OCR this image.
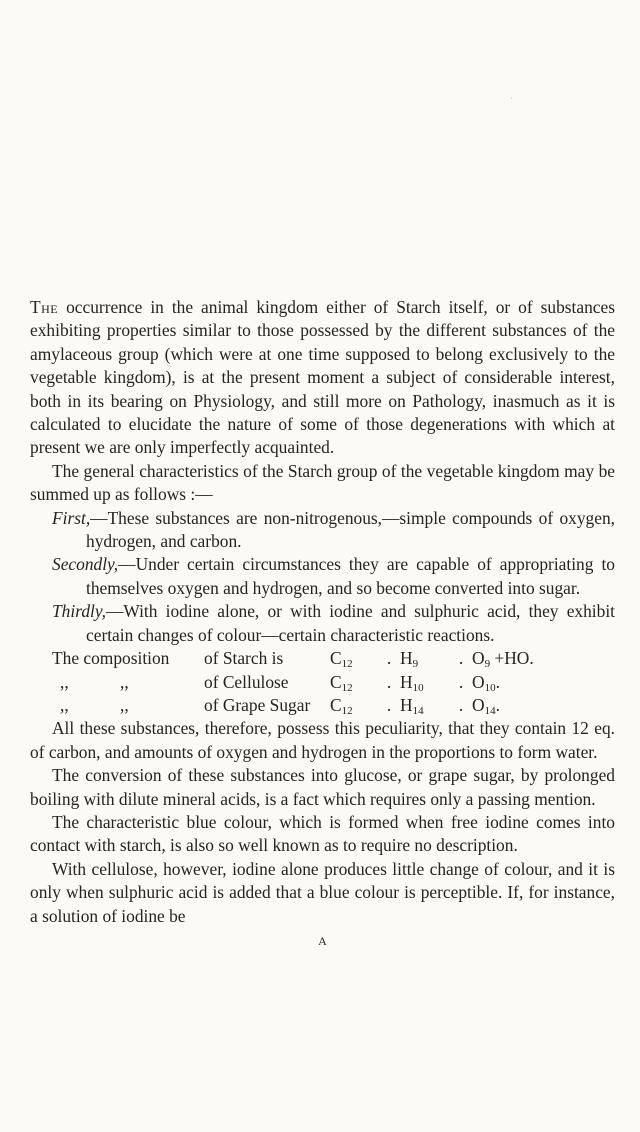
´

The occurrence in the animal kingdom either of Starch itself, or of substances exhibiting properties similar to those possessed by the different substances of the amylaceous group (which were at one time supposed to belong exclusively to the vegetable kingdom), is at the present moment a subject of considerable interest, both in its bearing on Physiology, and still more on Pathology, inasmuch as it is calculated to elucidate the nature of some of those degenerations with which at present we are only imperfectly acquainted.

The general characteristics of the Starch group of the vegetable kingdom may be summed up as follows :—

First,—These substances are non-nitrogenous,—simple compounds of oxygen, hydrogen, and carbon.

Secondly,—Under certain circumstances they are capable of appropriating to themselves oxygen and hydrogen, and so become converted into sugar.

Thirdly,—With iodine alone, or with iodine and sulphuric acid, they exhibit certain changes of colour—certain characteristic reactions.

The composition	of Starch is	$C_{12}$	. $H_9$	. $O_9 +HO$.
,,	,,	of Cellulose	$C_{12}$	. $H_{10}$	. $O_{10}$.
,,	,,	of Grape Sugar	$C_{12}$	. $H_{14}$	. $O_{14}$.

All these substances, therefore, possess this peculiarity, that they contain 12 eq. of carbon, and amounts of oxygen and hydrogen in the proportions to form water.

The conversion of these substances into glucose, or grape sugar, by prolonged boiling with dilute mineral acids, is a fact which requires only a passing mention.

The characteristic blue colour, which is formed when free iodine comes into contact with starch, is also so well known as to require no description.

With cellulose, however, iodine alone produces little change of colour, and it is only when sulphuric acid is added that a blue colour is perceptible. If, for instance, a solution of iodine be

A
